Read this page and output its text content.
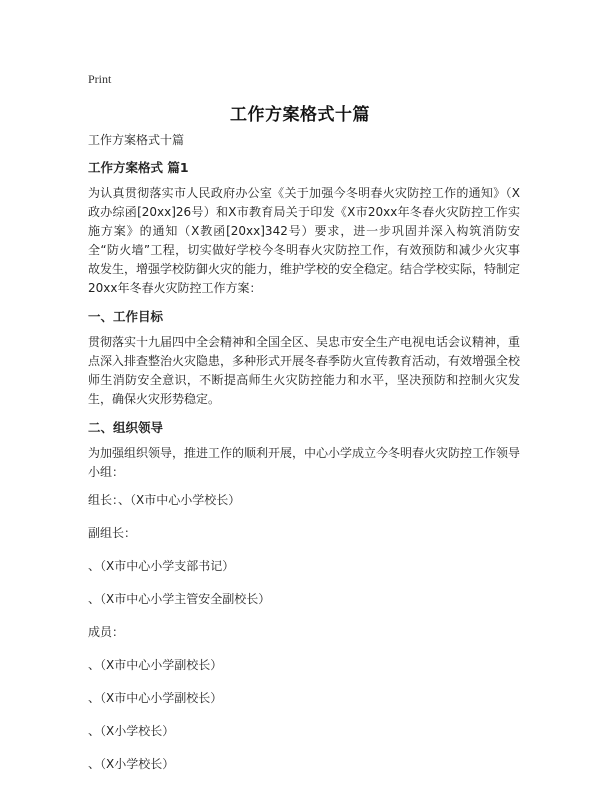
Print
工作方案格式十篇

工作方案格式十篇

工作方案格式 篇1

为认真贯彻落实市人民政府办公室《关于加强今冬明春火灾防控工作的通知》（X政办综函[20xx]26号）和X市教育局关于印发《X市20xx年冬春火灾防控工作实施方案》的通知（X教函[20xx]342号）要求，进一步巩固并深入构筑消防安全“防火墙”工程，切实做好学校今冬明春火灾防控工作，有效预防和减少火灾事故发生，增强学校防御火灾的能力，维护学校的安全稳定。结合学校实际，特制定20xx年冬春火灾防控工作方案：

一、工作目标

贯彻落实十九届四中全会精神和全国全区、吴忠市安全生产电视电话会议精神，重点深入排查整治火灾隐患，多种形式开展冬春季防火宣传教育活动，有效增强全校师生消防安全意识，不断提高师生火灾防控能力和水平，坚决预防和控制火灾发生，确保火灾形势稳定。

二、组织领导

为加强组织领导，推进工作的顺利开展，中心小学成立今冬明春火灾防控工作领导小组：

组长：、（X市中心小学校长）

副组长：

、（X市中心小学支部书记）

、（X市中心小学主管安全副校长）

成员：

、（X市中心小学副校长）

、（X市中心小学副校长）

、（X小学校长）

、（X小学校长）
